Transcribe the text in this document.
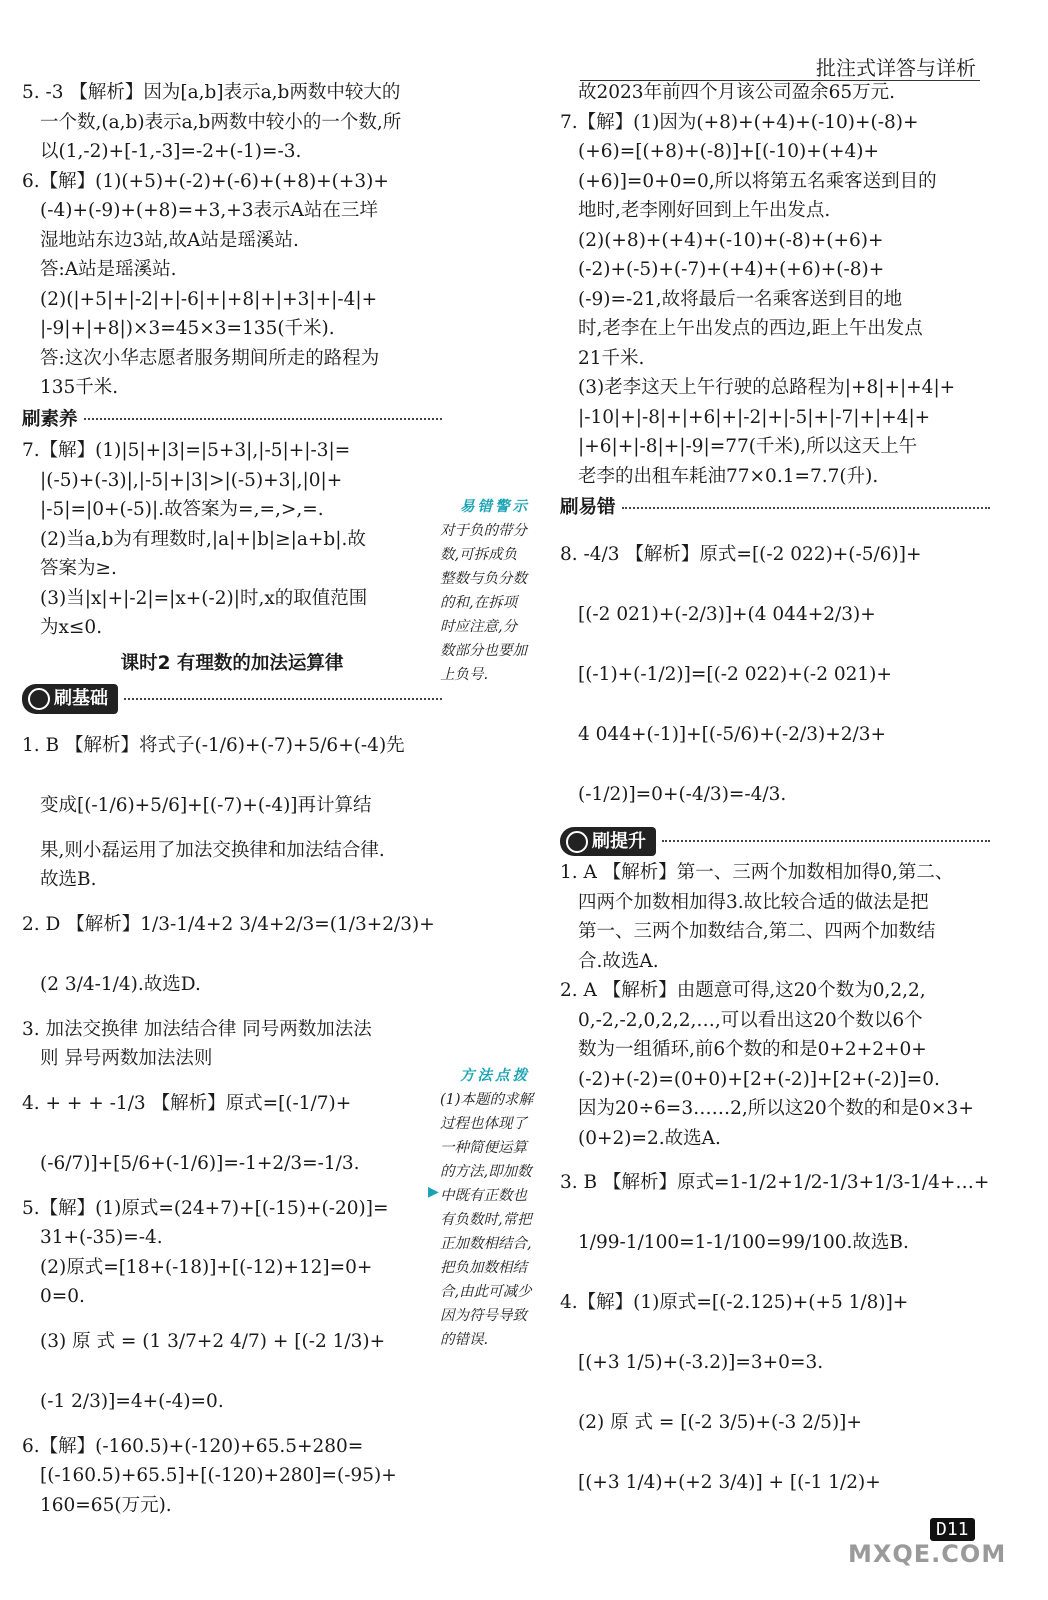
批注式详答与详析

5. -3 【解析】因为[a,b]表示a,b两数中较大的

一个数,(a,b)表示a,b两数中较小的一个数,所

以(1,-2)+[-1,-3]=-2+(-1)=-3.

6.【解】(1)(+5)+(-2)+(-6)+(+8)+(+3)+

(-4)+(-9)+(+8)=+3,+3表示A站在三垟

湿地站东边3站,故A站是瑶溪站.

答:A站是瑶溪站.

(2)(|+5|+|-2|+|-6|+|+8|+|+3|+|-4|+

|-9|+|+8|)×3=45×3=135(千米).

答:这次小华志愿者服务期间所走的路程为

135千米.

刷素养

7.【解】(1)|5|+|3|=|5+3|,|-5|+|-3|=

|(-5)+(-3)|,|-5|+|3|>|(-5)+3|,|0|+

|-5|=|0+(-5)|.故答案为=,=,>,=.

(2)当a,b为有理数时,|a|+|b|≥|a+b|.故

答案为≥.

(3)当|x|+|-2|=|x+(-2)|时,x的取值范围

为x≤0.

课时2 有理数的加法运算律
刷基础

1. B 【解析】将式子(-1/6)+(-7)+5/6+(-4)先

变成[(-1/6)+5/6]+[(-7)+(-4)]再计算结

果,则小磊运用了加法交换律和加法结合律.

故选B.

2. D 【解析】1/3-1/4+2 3/4+2/3=(1/3+2/3)+

(2 3/4-1/4).故选D.

3. 加法交换律 加法结合律 同号两数加法法

则 异号两数加法法则

4. + + + -1/3 【解析】原式=[(-1/7)+

(-6/7)]+[5/6+(-1/6)]=-1+2/3=-1/3.

5.【解】(1)原式=(24+7)+[(-15)+(-20)]=

31+(-35)=-4.

(2)原式=[18+(-18)]+[(-12)+12]=0+

0=0.

(3) 原 式 = (1 3/7+2 4/7) + [(-2 1/3)+

(-1 2/3)]=4+(-4)=0.

6.【解】(-160.5)+(-120)+65.5+280=

[(-160.5)+65.5]+[(-120)+280]=(-95)+

160=65(万元).

易错警示
对于负的带分
数,可拆成负
整数与负分数
的和,在拆项
时应注意,分
数部分也要加
上负号.
方法点拨
(1)本题的求解
过程也体现了
一种简便运算
的方法,即加数
中既有正数也
有负数时,常把
正加数相结合,
把负加数相结
合,由此可减少
因为符号导致
的错误.
▶

故2023年前四个月该公司盈余65万元.

7.【解】(1)因为(+8)+(+4)+(-10)+(-8)+

(+6)=[(+8)+(-8)]+[(-10)+(+4)+

(+6)]=0+0=0,所以将第五名乘客送到目的

地时,老李刚好回到上午出发点.

(2)(+8)+(+4)+(-10)+(-8)+(+6)+

(-2)+(-5)+(-7)+(+4)+(+6)+(-8)+

(-9)=-21,故将最后一名乘客送到目的地

时,老李在上午出发点的西边,距上午出发点

21千米.

(3)老李这天上午行驶的总路程为|+8|+|+4|+

|-10|+|-8|+|+6|+|-2|+|-5|+|-7|+|+4|+

|+6|+|-8|+|-9|=77(千米),所以这天上午

老李的出租车耗油77×0.1=7.7(升).

刷易错

8. -4/3 【解析】原式=[(-2 022)+(-5/6)]+

[(-2 021)+(-2/3)]+(4 044+2/3)+

[(-1)+(-1/2)]=[(-2 022)+(-2 021)+

4 044+(-1)]+[(-5/6)+(-2/3)+2/3+

(-1/2)]=0+(-4/3)=-4/3.

刷提升

1. A 【解析】第一、三两个加数相加得0,第二、

四两个加数相加得3.故比较合适的做法是把

第一、三两个加数结合,第二、四两个加数结

合.故选A.

2. A 【解析】由题意可得,这20个数为0,2,2,

0,-2,-2,0,2,2,…,可以看出这20个数以6个

数为一组循环,前6个数的和是0+2+2+0+

(-2)+(-2)=(0+0)+[2+(-2)]+[2+(-2)]=0.

因为20÷6=3……2,所以这20个数的和是0×3+

(0+2)=2.故选A.

3. B 【解析】原式=1-1/2+1/2-1/3+1/3-1/4+…+

1/99-1/100=1-1/100=99/100.故选B.

4.【解】(1)原式=[(-2.125)+(+5 1/8)]+

[(+3 1/5)+(-3.2)]=3+0=3.

(2) 原 式 = [(-2 3/5)+(-3 2/5)]+

[(+3 1/4)+(+2 3/4)] + [(-1 1/2)+

D11
MXQE.COM
